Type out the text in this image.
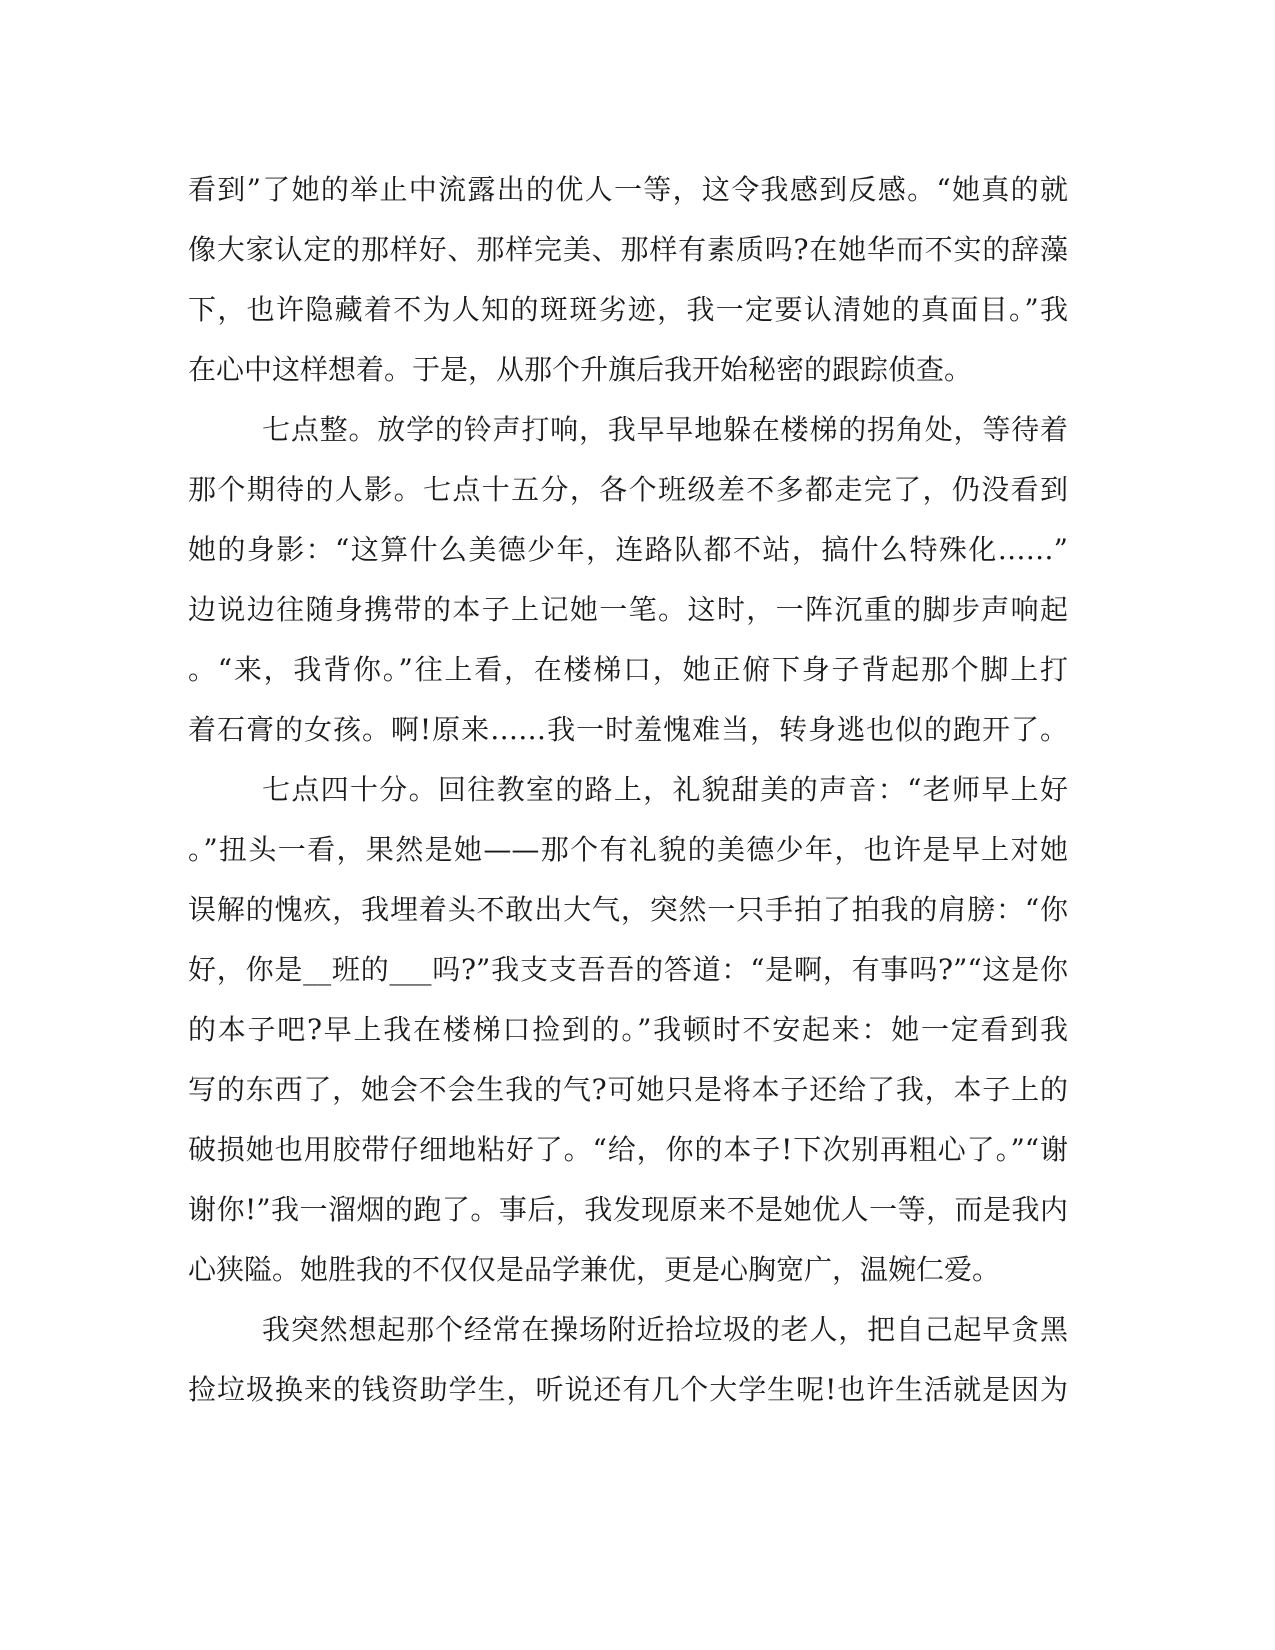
看到”了她的举止中流露出的优人一等，这令我感到反感。“她真的就
像大家认定的那样好、那样完美、那样有素质吗?在她华而不实的辞藻
下，也许隐藏着不为人知的斑斑劣迹，我一定要认清她的真面目。”我
在心中这样想着。于是，从那个升旗后我开始秘密的跟踪侦查。
七点整。放学的铃声打响，我早早地躲在楼梯的拐角处，等待着
那个期待的人影。七点十五分，各个班级差不多都走完了，仍没看到
她的身影：“这算什么美德少年，连路队都不站，搞什么特殊化……”
边说边往随身携带的本子上记她一笔。这时，一阵沉重的脚步声响起
。“来，我背你。”往上看，在楼梯口，她正俯下身子背起那个脚上打
着石膏的女孩。啊!原来……我一时羞愧难当，转身逃也似的跑开了。
七点四十分。回往教室的路上，礼貌甜美的声音：“老师早上好
。”扭头一看，果然是她——那个有礼貌的美德少年，也许是早上对她
误解的愧疚，我埋着头不敢出大气，突然一只手拍了拍我的肩膀：“你
好，你是__班的___吗?”我支支吾吾的答道：“是啊，有事吗?”“这是你
的本子吧?早上我在楼梯口捡到的。”我顿时不安起来：她一定看到我
写的东西了，她会不会生我的气?可她只是将本子还给了我，本子上的
破损她也用胶带仔细地粘好了。“给，你的本子!下次别再粗心了。”“谢
谢你!”我一溜烟的跑了。事后，我发现原来不是她优人一等，而是我内
心狭隘。她胜我的不仅仅是品学兼优，更是心胸宽广，温婉仁爱。
我突然想起那个经常在操场附近拾垃圾的老人，把自己起早贪黑
捡垃圾换来的钱资助学生，听说还有几个大学生呢!也许生活就是因为
